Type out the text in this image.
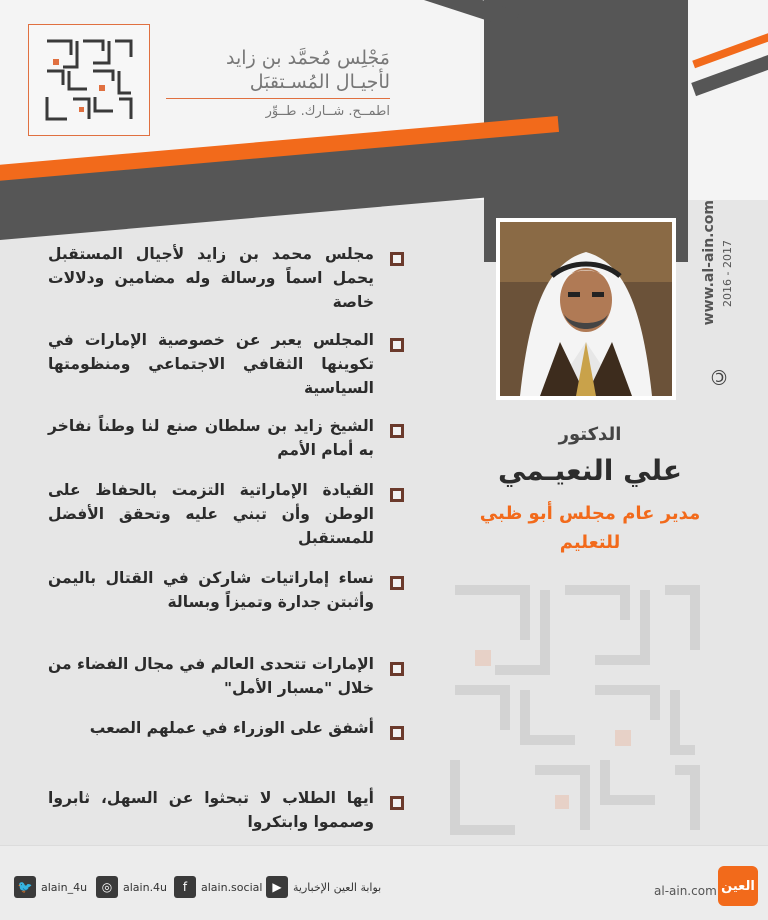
مَجْلِس مُحمَّد بن زايد
لأجيـال المُسـتقبَل
اطمــح. شــارك. طــوِّر
www.al-ain.com 2016 - 2017
©
الدكتور
علي النعيـمي
مدير عام مجلس أبو ظبي
للتعليم
مجلس محمد بن زايد لأجيال المستقبل يحمل اسماً ورسالة وله مضامين ودلالات خاصة
المجلس يعبر عن خصوصية الإمارات في تكوينها الثقافي الاجتماعي ومنظومتها السياسية
الشيخ زايد بن سلطان صنع لنا وطناً نفاخر به أمام الأمم
القيادة الإماراتية التزمت بالحفاظ على الوطن وأن تبني عليه وتحقق الأفضل للمستقبل
نساء إماراتيات شاركن في القتال باليمن وأثبتن جدارة وتميزاً وبسالة
الإمارات تتحدى العالم في مجال الفضاء من خلال "مسبار الأمل"
أشفق على الوزراء في عملهم الصعب
أيها الطلاب لا تبحثوا عن السهل، ثابروا وصمموا وابتكروا
🐦 alain_4u	◎ alain.4u	f	alain.social ▶	بوابة العين الإخبارية	al-ain.com العين
